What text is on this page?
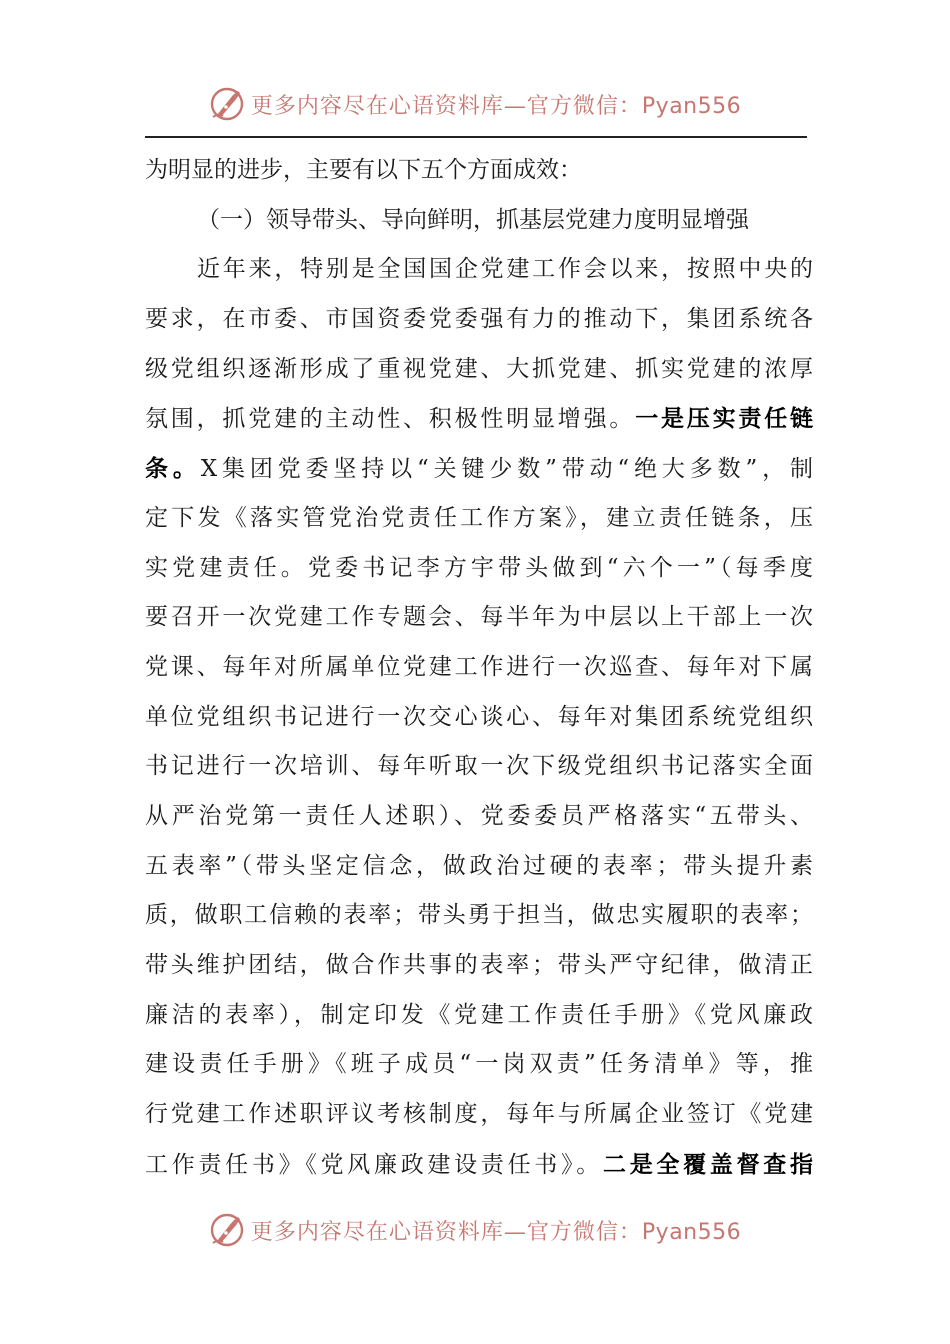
更多内容尽在心语资料库—官方微信：Pyan556
为明显的进步，主要有以下五个方面成效：
（一）领导带头、导向鲜明，抓基层党建力度明显增强
近年来，特别是全国国企党建工作会以来，按照中央的
要求，在市委、市国资委党委强有力的推动下，集团系统各
级党组织逐渐形成了重视党建、大抓党建、抓实党建的浓厚
氛围，抓党建的主动性、积极性明显增强。一是压实责任链
条。X集团党委坚持以“关键少数”带动“绝大多数”，制
定下发《落实管党治党责任工作方案》，建立责任链条，压
实党建责任。党委书记李方宇带头做到“六个一”（每季度
要召开一次党建工作专题会、每半年为中层以上干部上一次
党课、每年对所属单位党建工作进行一次巡查、每年对下属
单位党组织书记进行一次交心谈心、每年对集团系统党组织
书记进行一次培训、每年听取一次下级党组织书记落实全面
从严治党第一责任人述职）、党委委员严格落实“五带头、
五表率”（带头坚定信念，做政治过硬的表率；带头提升素
质，做职工信赖的表率；带头勇于担当，做忠实履职的表率；
带头维护团结，做合作共事的表率；带头严守纪律，做清正
廉洁的表率），制定印发《党建工作责任手册》《党风廉政
建设责任手册》《班子成员“一岗双责”任务清单》等，推
行党建工作述职评议考核制度，每年与所属企业签订《党建
工作责任书》《党风廉政建设责任书》。二是全覆盖督查指
更多内容尽在心语资料库—官方微信：Pyan556
